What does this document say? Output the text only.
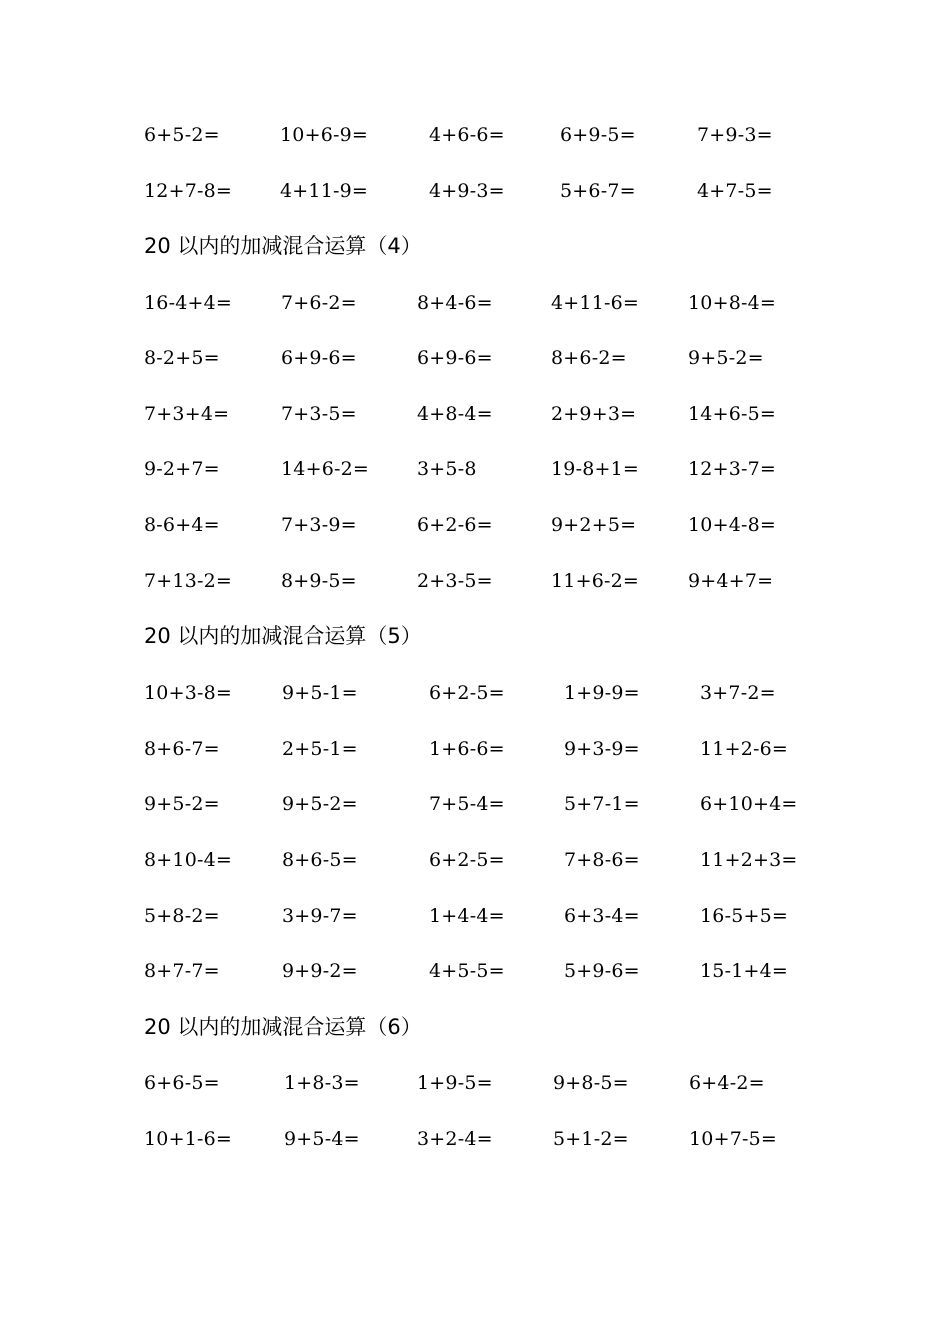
6+5-2=	10+6-9=	4+6-6=	6+9-5=	7+9-3=
12+7-8=	4+11-9=	4+9-3=	5+6-7=	4+7-5=
20 以内的加减混合运算（4）
16-4+4=	7+6-2=	8+4-6=	4+11-6=	10+8-4=
8-2+5=	6+9-6=	6+9-6=	8+6-2=	9+5-2=
7+3+4=	7+3-5=	4+8-4=	2+9+3=	14+6-5=
9-2+7=	14+6-2=	3+5-8	19-8+1=	12+3-7=
8-6+4=	7+3-9=	6+2-6=	9+2+5=	10+4-8=
7+13-2=	8+9-5=	2+3-5=	11+6-2=	9+4+7=
20 以内的加减混合运算（5）
10+3-8=	9+5-1=	6+2-5=	1+9-9=	3+7-2=
8+6-7=	2+5-1=	1+6-6=	9+3-9=	11+2-6=
9+5-2=	9+5-2=	7+5-4=	5+7-1=	6+10+4=
8+10-4=	8+6-5=	6+2-5=	7+8-6=	11+2+3=
5+8-2=	3+9-7=	1+4-4=	6+3-4=	16-5+5=
8+7-7=	9+9-2=	4+5-5=	5+9-6=	15-1+4=
20 以内的加减混合运算（6）
6+6-5=	1+8-3=	1+9-5=	9+8-5=	6+4-2=
10+1-6=	9+5-4=	3+2-4=	5+1-2=	10+7-5=
